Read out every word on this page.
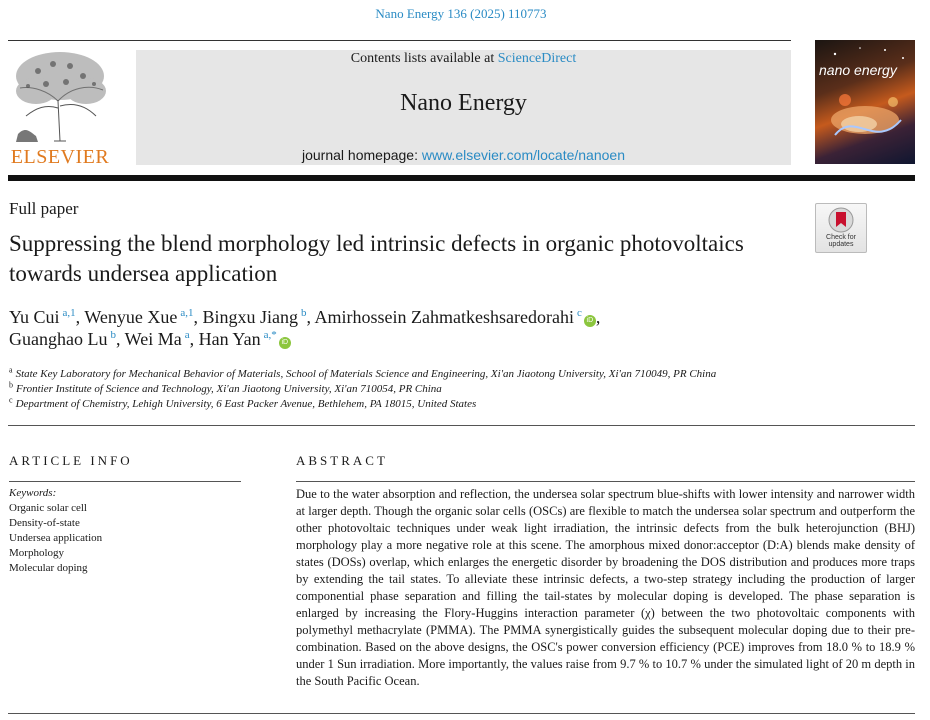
Nano Energy 136 (2025) 110773
ELSEVIER
Contents lists available at ScienceDirect
Nano Energy
journal homepage: www.elsevier.com/locate/nanoen
nano energy
Full paper
Check for updates
Suppressing the blend morphology led intrinsic defects in organic photovoltaics towards undersea application
Yu Cui $^{a,1}$, Wenyue Xue $^{a,1}$, Bingxu Jiang $^b$, Amirhossein Zahmatkeshsaredorahi $^c$iD ,
Guanghao Lu $^b$, Wei Ma $^a$, Han Yan $^{a,*}$iD
$^a$ State Key Laboratory for Mechanical Behavior of Materials, School of Materials Science and Engineering, Xi'an Jiaotong University, Xi'an 710049, PR China
$^b$ Frontier Institute of Science and Technology, Xi'an Jiaotong University, Xi'an 710054, PR China
$^c$ Department of Chemistry, Lehigh University, 6 East Packer Avenue, Bethlehem, PA 18015, United States
ARTICLE INFO
Keywords:
Organic solar cell
Density-of-state
Undersea application
Morphology
Molecular doping
ABSTRACT
Due to the water absorption and reflection, the undersea solar spectrum blue-shifts with lower intensity and narrower width at larger depth. Though the organic solar cells (OSCs) are flexible to match the undersea solar spectrum and outperform the other photovoltaic techniques under weak light irradiation, the intrinsic defects from the bulk heterojunction (BHJ) morphology play a more negative role at this scene. The amorphous mixed donor:acceptor (D:A) blends make density of states (DOSs) overlap, which enlarges the energetic disorder by broadening the DOS distribution and produces more traps by extending the tail states. To alleviate these intrinsic defects, a two-step strategy including the production of larger componential phase separation and filling the tail-states by molecular doping is developed. The phase separation is enlarged by increasing the Flory-Huggins interaction parameter (χ) between the two photovoltaic components with polymethyl methacrylate (PMMA). The PMMA synergistically guides the subsequent molecular doping due to their pre-combination. Based on the above designs, the OSC's power conversion efficiency (PCE) improves from 18.0 % to 18.9 % under 1 Sun irradiation. More importantly, the values raise from 9.7 % to 10.7 % under the simulated light of 20 m depth in the South Pacific Ocean.
